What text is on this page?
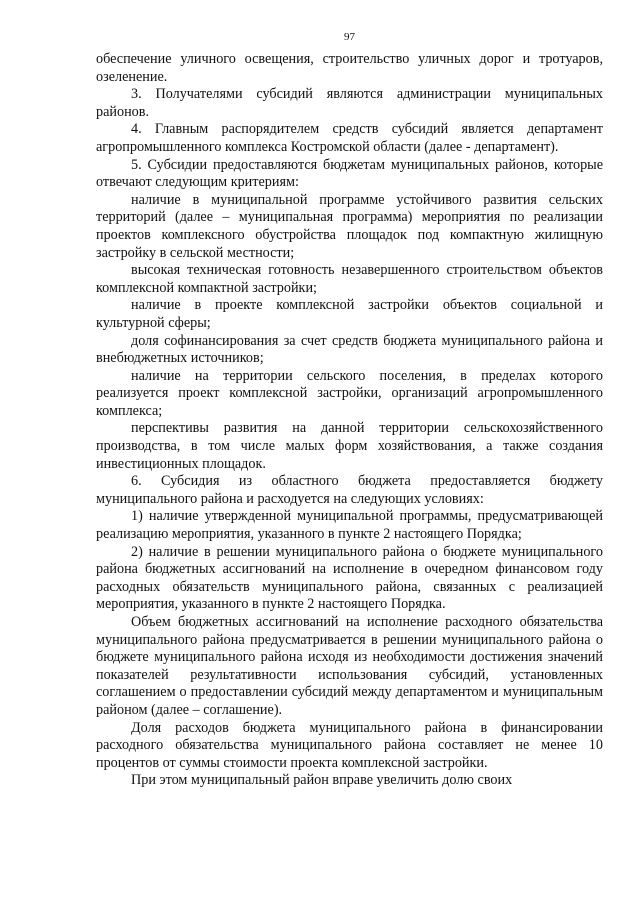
97

обеспечение уличного освещения, строительство уличных дорог и тротуаров, озеленение.

3. Получателями субсидий являются администрации муниципальных районов.

4. Главным распорядителем средств субсидий является департамент агропромышленного комплекса Костромской области (далее - департамент).

5. Субсидии предоставляются бюджетам муниципальных районов, которые отвечают следующим критериям:

наличие в муниципальной программе устойчивого развития сельских территорий (далее – муниципальная программа) мероприятия по реализации проектов комплексного обустройства площадок под компактную жилищную застройку в сельской местности;

высокая техническая готовность незавершенного строительством объектов комплексной компактной застройки;

наличие в проекте комплексной застройки объектов социальной и культурной сферы;

доля софинансирования за счет средств бюджета муниципального района и внебюджетных источников;

наличие на территории сельского поселения, в пределах которого реализуется проект комплексной застройки, организаций агропромышленного комплекса;

перспективы развития на данной территории сельскохозяйственного производства, в том числе малых форм хозяйствования, а также создания инвестиционных площадок.

6. Субсидия из областного бюджета предоставляется бюджету муниципального района и расходуется на следующих условиях:

1) наличие утвержденной муниципальной программы, предусматривающей реализацию мероприятия, указанного в пункте 2 настоящего Порядка;

2) наличие в решении муниципального района о бюджете муниципального района бюджетных ассигнований на исполнение в очередном финансовом году расходных обязательств муниципального района, связанных с реализацией мероприятия, указанного в пункте 2 настоящего Порядка.

Объем бюджетных ассигнований на исполнение расходного обязательства муниципального района предусматривается в решении муниципального района о бюджете муниципального района исходя из необходимости достижения значений показателей результативности использования субсидий, установленных соглашением о предоставлении субсидий между департаментом и муниципальным районом (далее – соглашение).

Доля расходов бюджета муниципального района в финансировании расходного обязательства муниципального района составляет не менее 10 процентов от суммы стоимости проекта комплексной застройки.

При этом муниципальный район вправе увеличить долю своих
